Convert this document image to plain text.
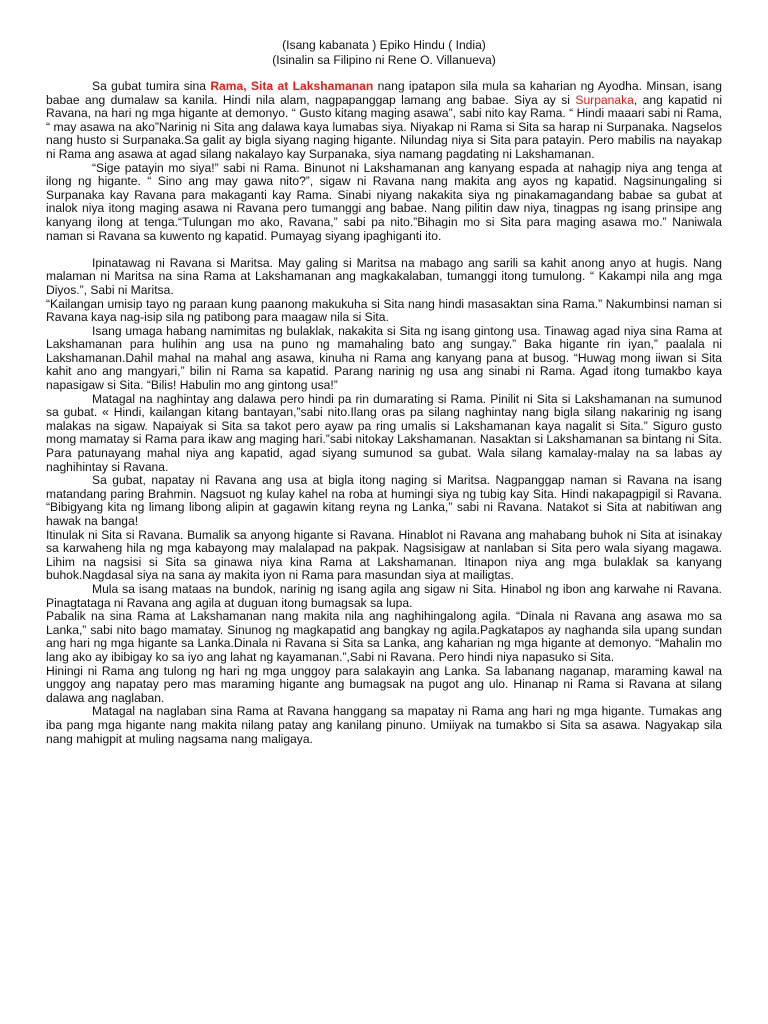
(Isang kabanata ) Epiko Hindu ( India)
(Isinalin sa Filipino ni Rene O. Villanueva)

Sa gubat tumira sina Rama, Sita at Lakshamanan nang ipatapon sila mula sa kaharian ng Ayodha. Minsan, isang babae ang dumalaw sa kanila. Hindi nila alam, nagpapanggap lamang ang babae. Siya ay si Surpanaka, ang kapatid ni Ravana, na hari ng mga higante at demonyo. “ Gusto kitang maging asawa”, sabi nito kay Rama. “ Hindi maaari sabi ni Rama, “ may asawa na ako”Narinig ni Sita ang dalawa kaya lumabas siya. Niyakap ni Rama si Sita sa harap ni Surpanaka. Nagselos nang husto si Surpanaka.Sa galit ay bigla siyang naging higante. Nilundag niya si Sita para patayin. Pero mabilis na nayakap ni Rama ang asawa at agad silang nakalayo kay Surpanaka, siya namang pagdating ni Lakshamanan.

“Sige patayin mo siya!” sabi ni Rama. Binunot ni Lakshamanan ang kanyang espada at nahagip niya ang tenga at ilong ng higante. “ Sino ang may gawa nito?”, sigaw ni Ravana nang makita ang ayos ng kapatid. Nagsinungaling si Surpanaka kay Ravana para makaganti kay Rama. Sinabi niyang nakakita siya ng pinakamagandang babae sa gubat at inalok niya itong maging asawa ni Ravana pero tumanggi ang babae. Nang pilitin daw niya, tinagpas ng isang prinsipe ang kanyang ilong at tenga.“Tulungan mo ako, Ravana,” sabi pa nito.”Bihagin mo si Sita para maging asawa mo.” Naniwala naman si Ravana sa kuwento ng kapatid. Pumayag siyang ipaghiganti ito.

Ipinatawag ni Ravana si Maritsa. May galing si Maritsa na mabago ang sarili sa kahit anong anyo at hugis. Nang malaman ni Maritsa na sina Rama at Lakshamanan ang magkakalaban, tumanggi itong tumulong. “ Kakampi nila ang mga Diyos.”, Sabi ni Maritsa.

“Kailangan umisip tayo ng paraan kung paanong makukuha si Sita nang hindi masasaktan sina Rama.” Nakumbinsi naman si Ravana kaya nag-isip sila ng patibong para maagaw nila si Sita.

Isang umaga habang namimitas ng bulaklak, nakakita si Sita ng isang gintong usa. Tinawag agad niya sina Rama at Lakshamanan para hulihin ang usa na puno ng mamahaling bato ang sungay.” Baka higante rin iyan,” paalala ni Lakshamanan.Dahil mahal na mahal ang asawa, kinuha ni Rama ang kanyang pana at busog. “Huwag mong iiwan si Sita kahit ano ang mangyari,” bilin ni Rama sa kapatid. Parang narinig ng usa ang sinabi ni Rama. Agad itong tumakbo kaya napasigaw si Sita. “Bilis! Habulin mo ang gintong usa!”

Matagal na naghintay ang dalawa pero hindi pa rin dumarating si Rama. Pinilit ni Sita si Lakshamanan na sumunod sa gubat. « Hindi, kailangan kitang bantayan,”sabi nito.Ilang oras pa silang naghintay nang bigla silang nakarinig ng isang malakas na sigaw. Napaiyak si Sita sa takot pero ayaw pa ring umalis si Lakshamanan kaya nagalit si Sita.” Siguro gusto mong mamatay si Rama para ikaw ang maging hari.”sabi nitokay Lakshamanan. Nasaktan si Lakshamanan sa bintang ni Sita. Para patunayang mahal niya ang kapatid, agad siyang sumunod sa gubat. Wala silang kamalay-malay na sa labas ay naghihintay si Ravana.

Sa gubat, napatay ni Ravana ang usa at bigla itong naging si Maritsa. Nagpanggap naman si Ravana na isang matandang paring Brahmin. Nagsuot ng kulay kahel na roba at humingi siya ng tubig kay Sita. Hindi nakapagpigil si Ravana. “Bibigyang kita ng limang libong alipin at gagawin kitang reyna ng Lanka,” sabi ni Ravana. Natakot si Sita at nabitiwan ang hawak na banga!

Itinulak ni Sita si Ravana. Bumalik sa anyong higante si Ravana. Hinablot ni Ravana ang mahabang buhok ni Sita at isinakay sa karwaheng hila ng mga kabayong may malalapad na pakpak. Nagsisigaw at nanlaban si Sita pero wala siyang magawa. Lihim na nagsisi si Sita sa ginawa niya kina Rama at Lakshamanan. Itinapon niya ang mga bulaklak sa kanyang buhok.Nagdasal siya na sana ay makita iyon ni Rama para masundan siya at mailigtas.

Mula sa isang mataas na bundok, narinig ng isang agila ang sigaw ni Sita. Hinabol ng ibon ang karwahe ni Ravana. Pinagtataga ni Ravana ang agila at duguan itong bumagsak sa lupa.

Pabalik na sina Rama at Lakshamanan nang makita nila ang naghihingalong agila. “Dinala ni Ravana ang asawa mo sa Lanka,” sabi nito bago mamatay. Sinunog ng magkapatid ang bangkay ng agila.Pagkatapos ay naghanda sila upang sundan ang hari ng mga higante sa Lanka.Dinala ni Ravana si Sita sa Lanka, ang kaharian ng mga higante at demonyo. “Mahalin mo lang ako ay ibibigay ko sa iyo ang lahat ng kayamanan.”,Sabi ni Ravana. Pero hindi niya napasuko si Sita.

Hiningi ni Rama ang tulong ng hari ng mga unggoy para salakayin ang Lanka. Sa labanang naganap, maraming kawal na unggoy ang napatay pero mas maraming higante ang bumagsak na pugot ang ulo. Hinanap ni Rama si Ravana at silang dalawa ang naglaban.

Matagal na naglaban sina Rama at Ravana hanggang sa mapatay ni Rama ang hari ng mga higante. Tumakas ang iba pang mga higante nang makita nilang patay ang kanilang pinuno. Umiiyak na tumakbo si Sita sa asawa. Nagyakap sila nang mahigpit at muling nagsama nang maligaya.
